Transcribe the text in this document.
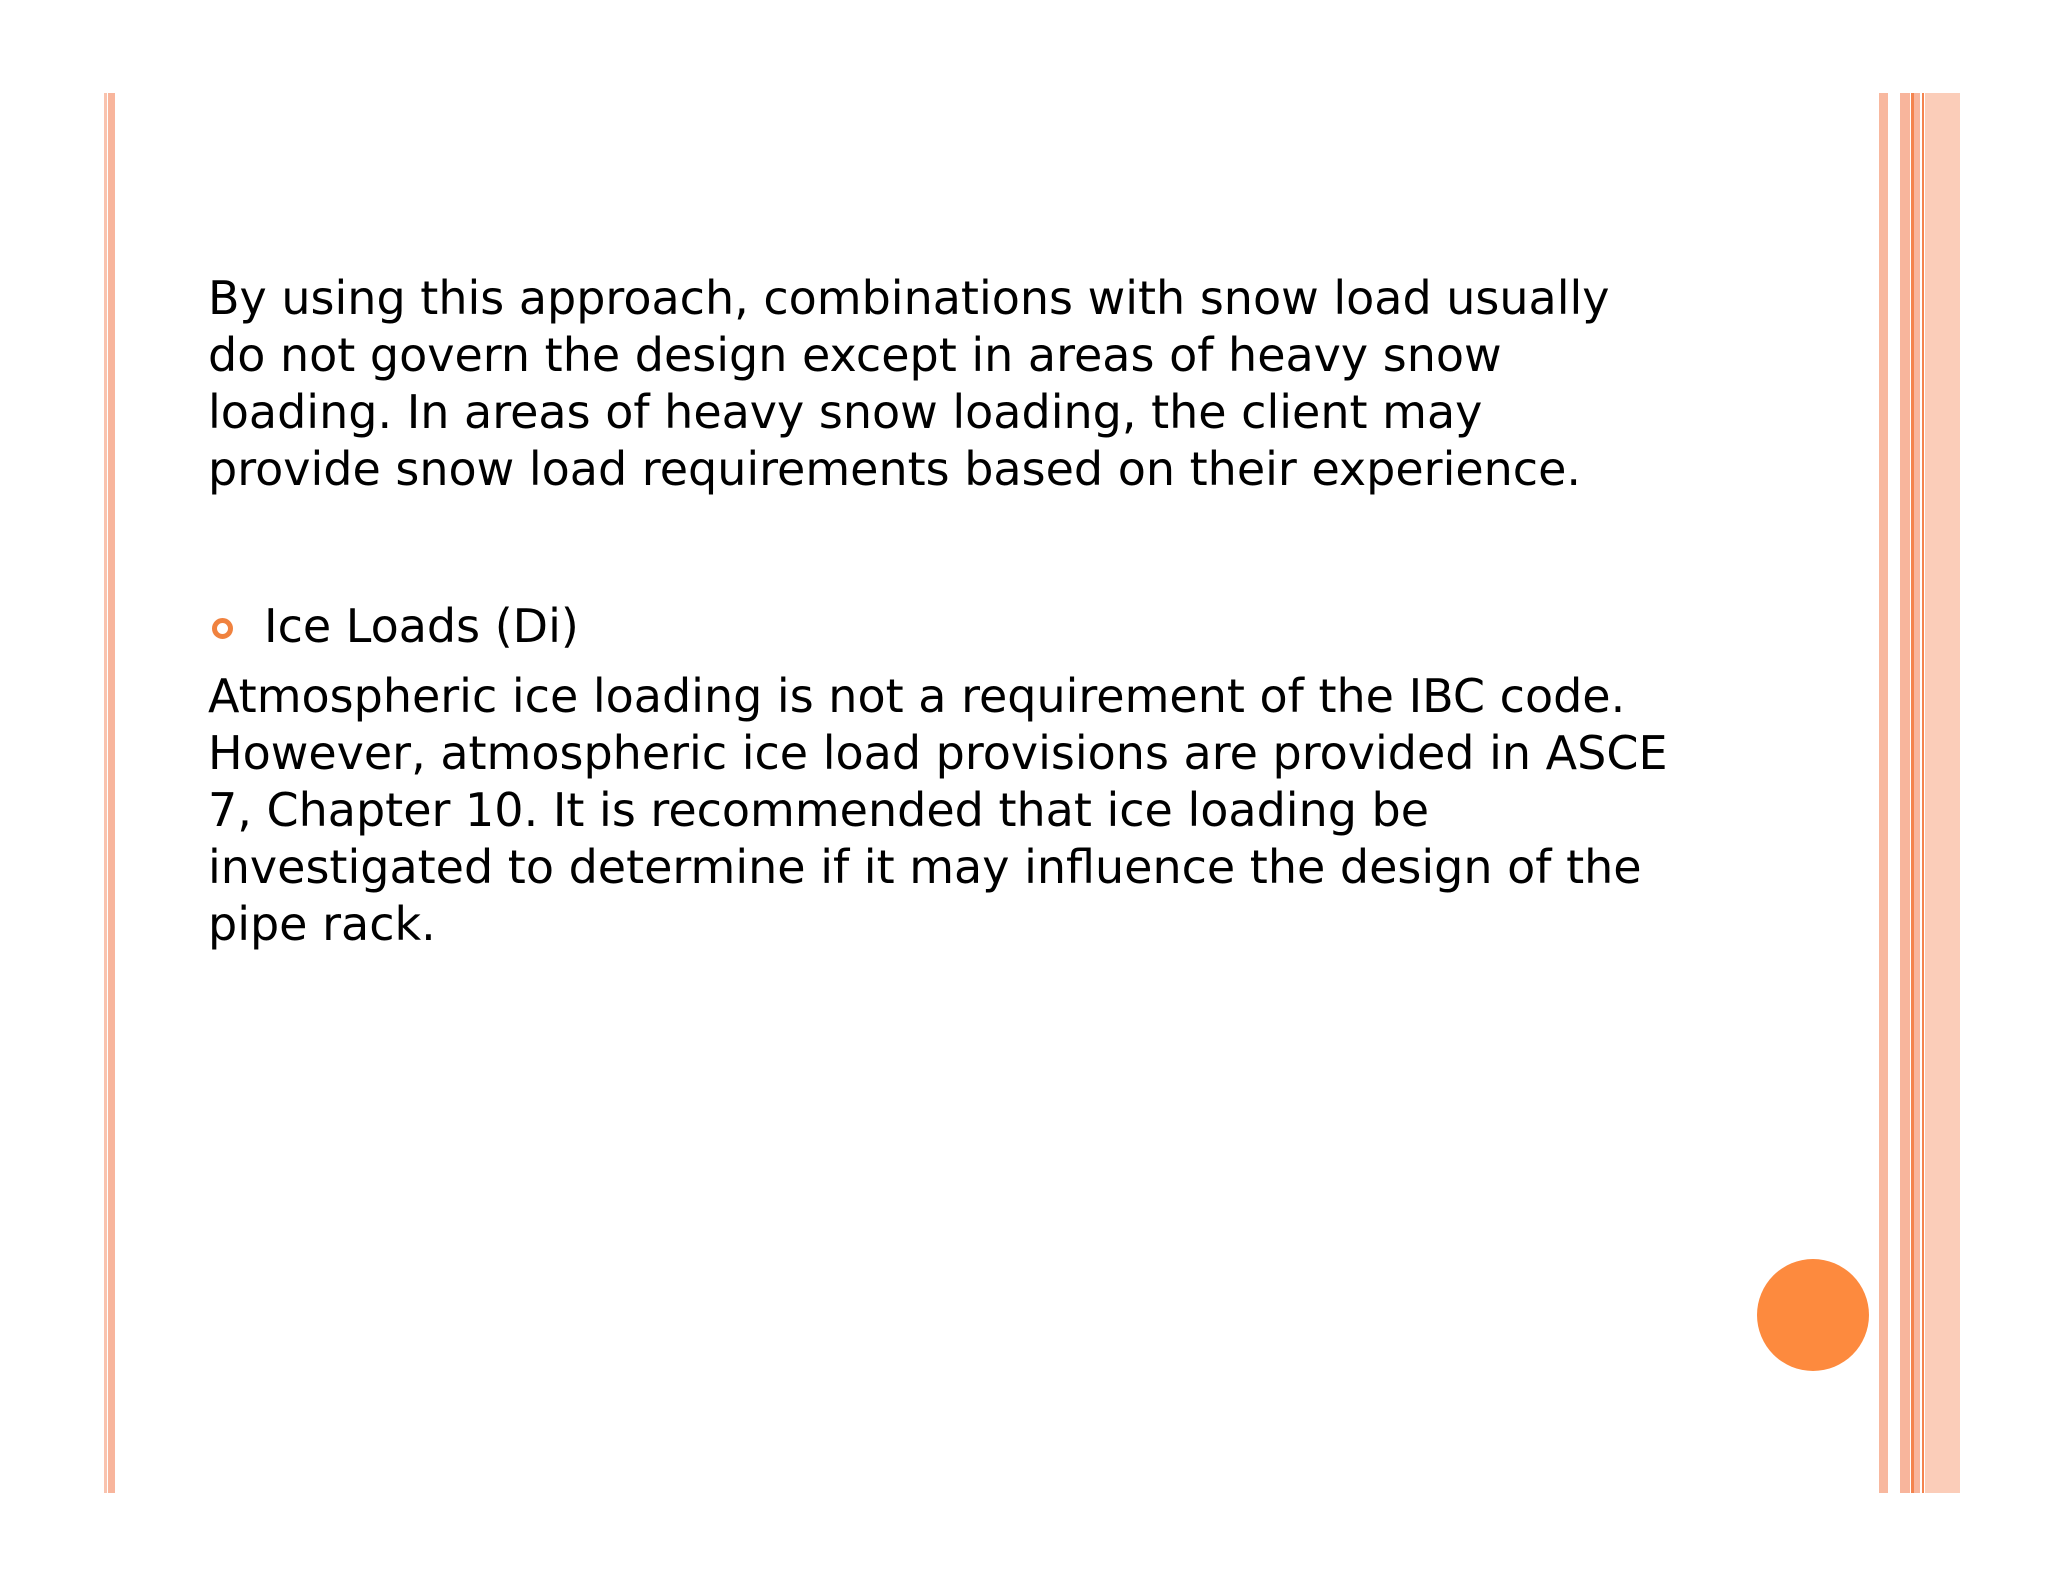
By using this approach, combinations with snow load usually
do not govern the design except in areas of heavy snow
loading. In areas of heavy snow loading, the client may
provide snow load requirements based on their experience.
Ice Loads (Di)
Atmospheric ice loading is not a requirement of the IBC code.
However, atmospheric ice load provisions are provided in ASCE
7, Chapter 10. It is recommended that ice loading be
investigated to determine if it may influence the design of the
pipe rack.
